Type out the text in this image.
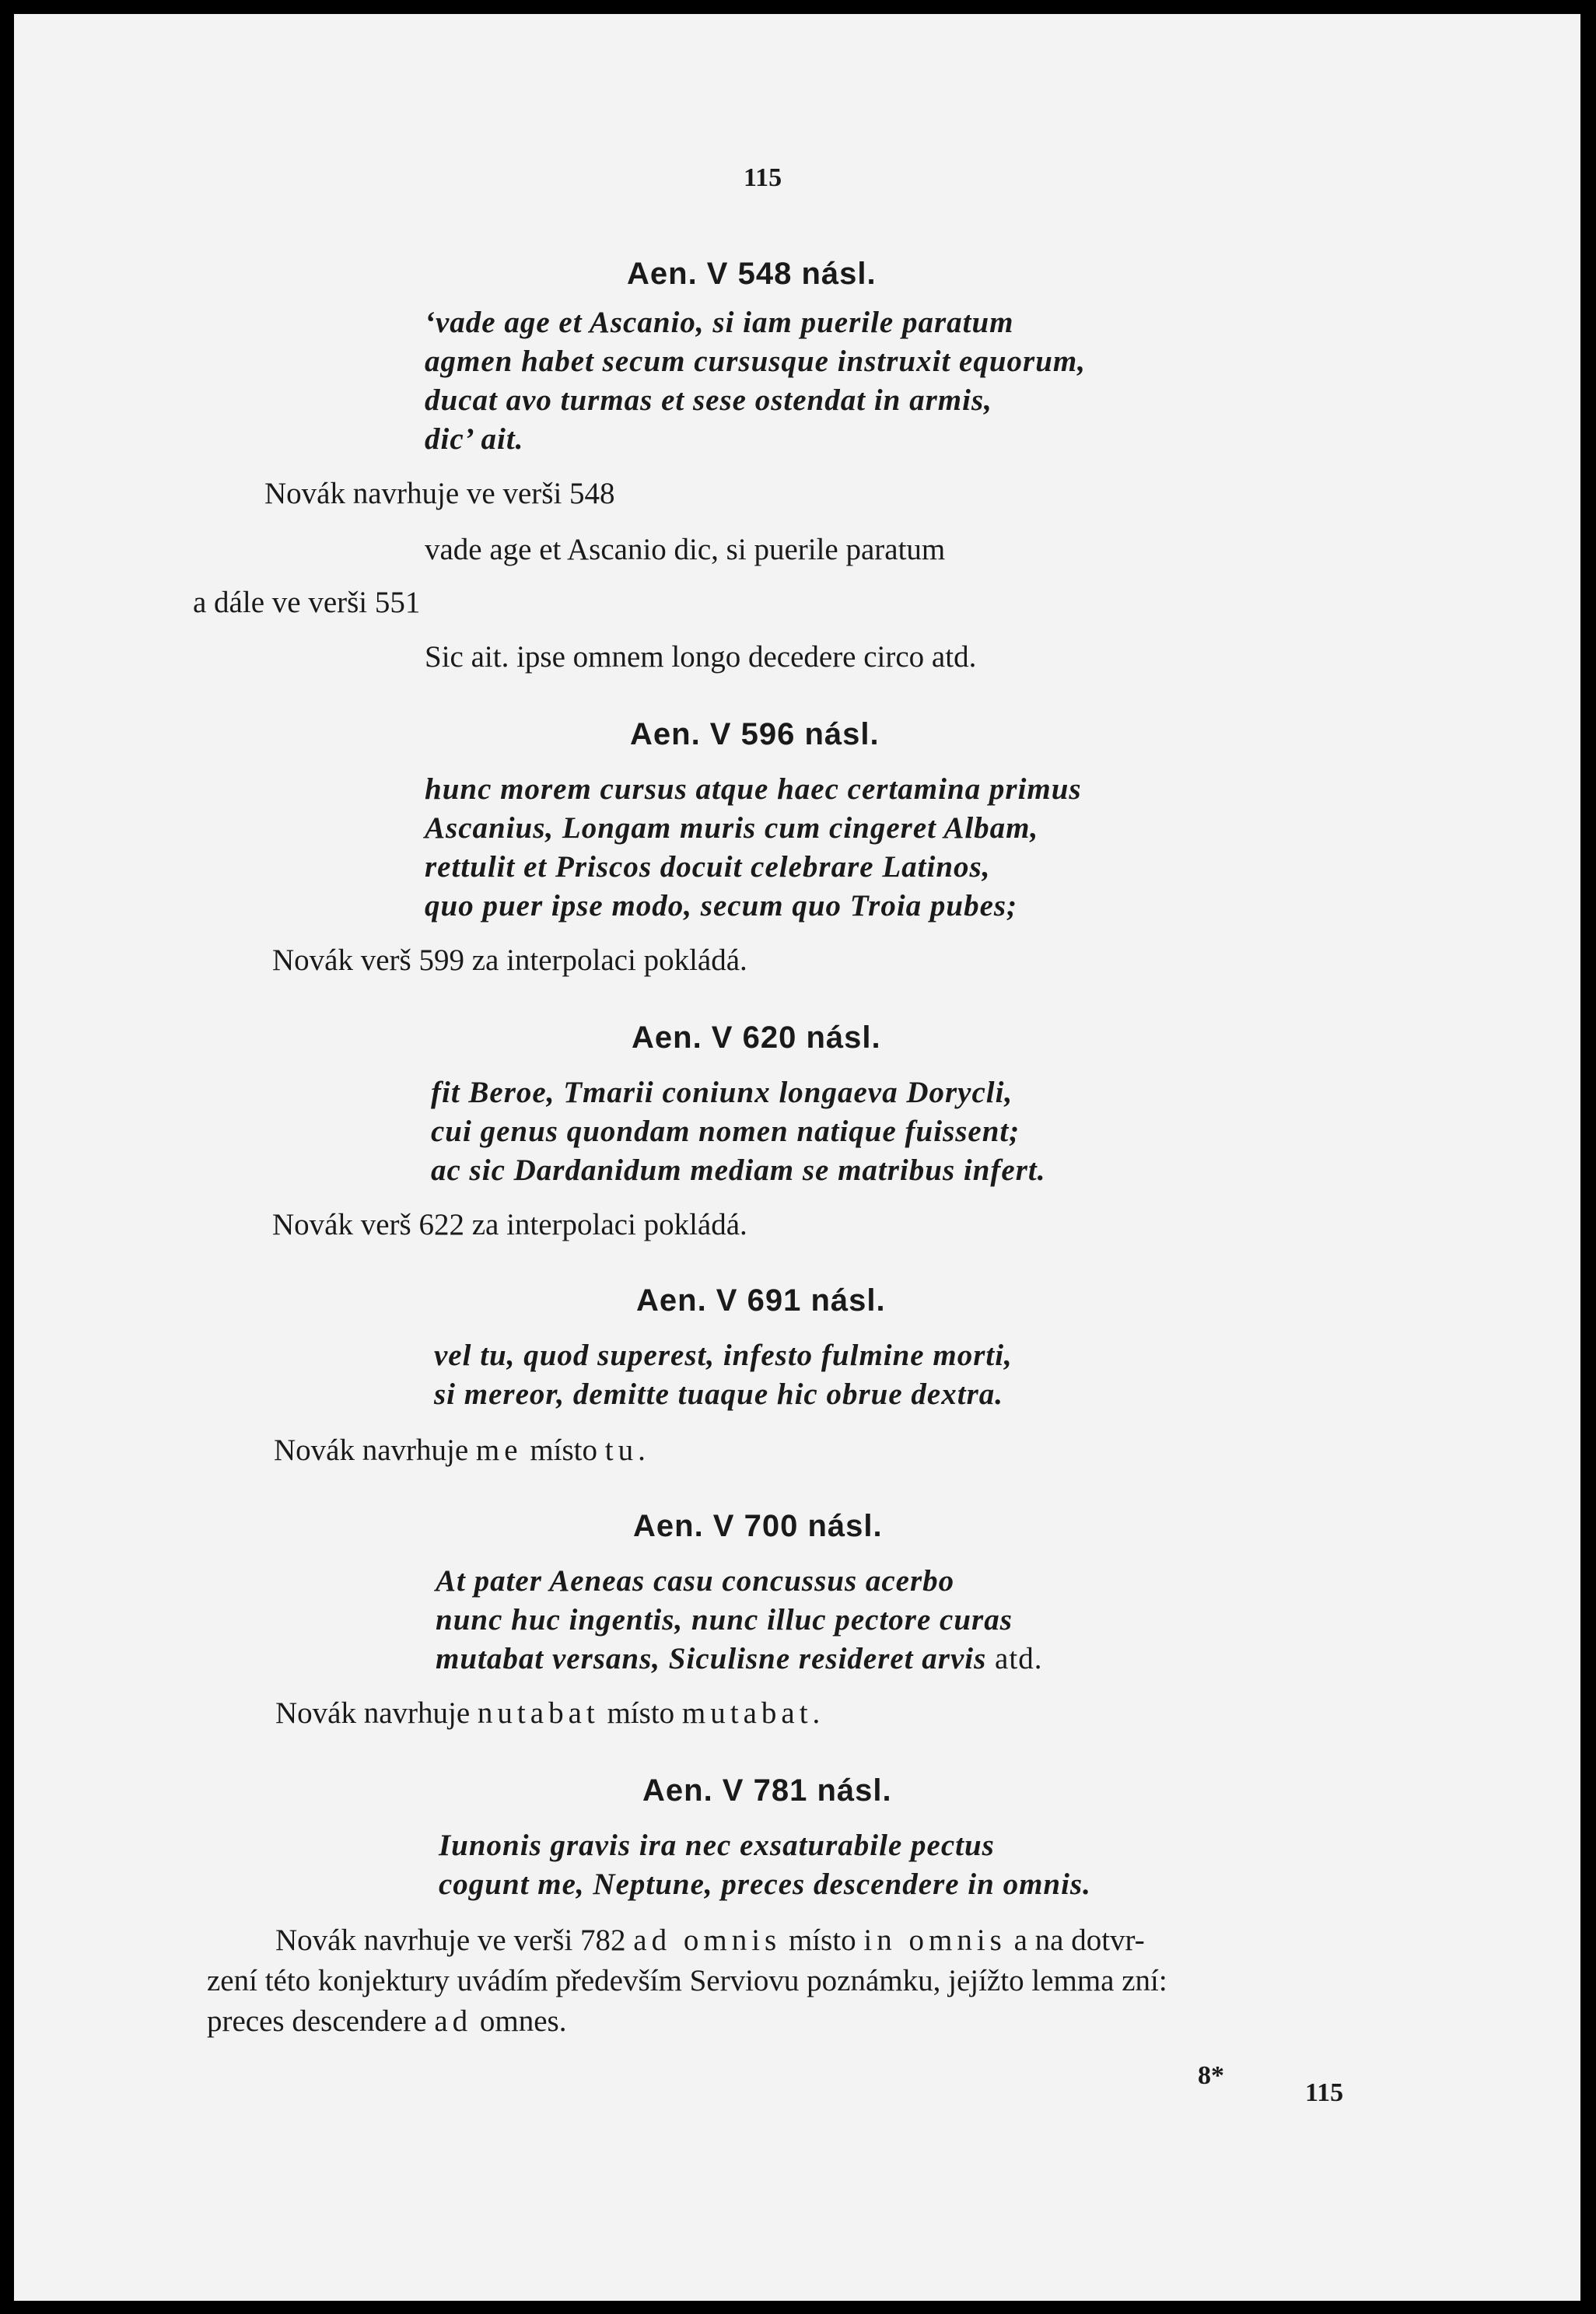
115
Aen. V 548 násl.
‘vade age et Ascanio, si iam puerile paratum
agmen habet secum cursusque instruxit equorum,
ducat avo turmas et sese ostendat in armis,
dic’ ait.
Novák navrhuje ve verši 548
vade age et Ascanio dic, si puerile paratum
a dále ve verši 551
Sic ait. ipse omnem longo decedere circo atd.
Aen. V 596 násl.
hunc morem cursus atque haec certamina primus
Ascanius, Longam muris cum cingeret Albam,
rettulit et Priscos docuit celebrare Latinos,
quo puer ipse modo, secum quo Troia pubes;
Novák verš 599 za interpolaci pokládá.
Aen. V 620 násl.
fit Beroe, Tmarii coniunx longaeva Dorycli,
cui genus quondam nomen natique fuissent;
ac sic Dardanidum mediam se matribus infert.
Novák verš 622 za interpolaci pokládá.
Aen. V 691 násl.
vel tu, quod superest, infesto fulmine morti,
si mereor, demitte tuaque hic obrue dextra.
Novák navrhuje me místo tu.
Aen. V 700 násl.
At pater Aeneas casu concussus acerbo
nunc huc ingentis, nunc illuc pectore curas
mutabat versans, Siculisne resideret arvis atd.
Novák navrhuje nutabat místo mutabat.
Aen. V 781 násl.
Iunonis gravis ira nec exsaturabile pectus
cogunt me, Neptune, preces descendere in omnis.
Novák navrhuje ve verši 782 ad omnis místo in omnis a na dotvr-
zení této konjektury uvádím především Serviovu poznámku, jejížto lemma zní:
preces descendere ad omnes.
8*
115
